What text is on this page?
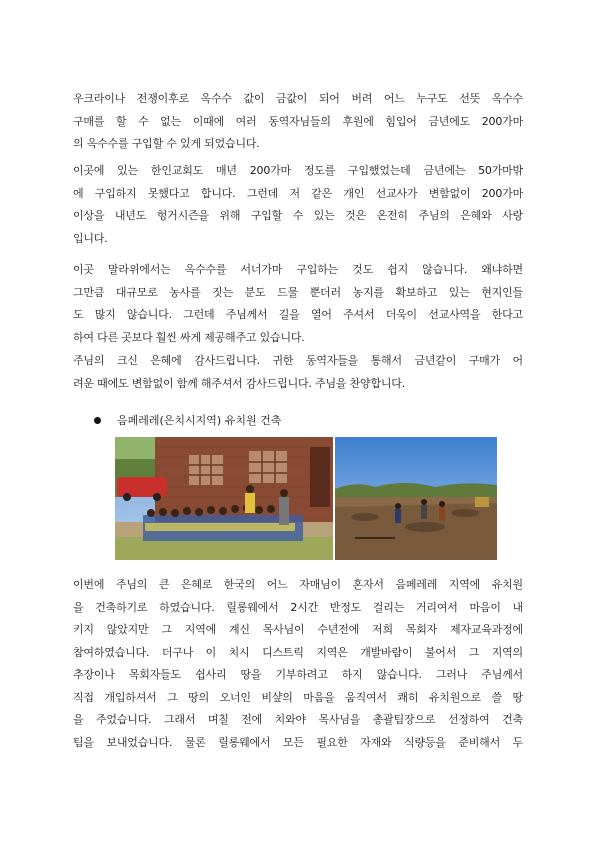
우크라이나 전쟁이후로 옥수수 값이 금값이 되어 버려 어느 누구도 선뜻 옥수수
구매를 할 수 없는 이때에 여러 동역자님들의 후원에 힘입어 금년에도 200가마
의 옥수수를 구입할 수 있게 되었습니다.
이곳에 있는 한인교회도 매년 200가마 정도를 구입했었는데 금년에는 50가마밖
에 구입하지 못했다고 합니다. 그런데 저 같은 개인 선교사가 변함없이 200가마
이상을 내년도 헝거시즌을 위해 구입할 수 있는 것은 온전히 주님의 은혜와 사랑
입니다.
이곳 말라위에서는 옥수수를 서너가마 구입하는 것도 쉽지 않습니다. 왜냐하면
그만큼 대규모로 농사를 짓는 분도 드물 뿐더러 농지를 확보하고 있는 현지인들
도 많지 않습니다. 그런데 주님께서 길을 열어 주셔서 더욱이 선교사역을 한다고
하여 다른 곳보다 훨씬 싸게 제공해주고 있습니다.
주님의 크신 은혜에 감사드립니다. 귀한 동역자들을 통해서 금년같이 구매가 어
려운 때에도 변함없이 함께 해주셔서 감사드립니다. 주님을 찬양합니다.
음페레레(은치시지역) 유치원 건축
이번에 주님의 큰 은혜로 한국의 어느 자매님이 혼자서 음페레레 지역에 유치원
을 건축하기로 하였습니다. 릴롱웨에서 2시간 반정도 걸리는 거리여서 마음이 내
키지 않았지만 그 지역에 계신 목사님이 수년전에 저희 목회자 제자교육과정에
참여하였습니다. 더구나 이 치시 디스트릭 지역은 개발바람이 불어서 그 지역의
추장이나 목회자들도 쉽사리 땅을 기부하려고 하지 않습니다. 그러나 주님께서
직접 개입하셔서 그 땅의 오너인 비샾의 마음을 움직여서 쾌히 유치원으로 쓸 땅
을 주었습니다. 그래서 며칠 전에 치와야 목사님을 총괄팀장으로 선정하여 건축
팀을 보내었습니다. 물론 릴롱웨에서 모든 필요한 자재와 식량등을 준비해서 두
